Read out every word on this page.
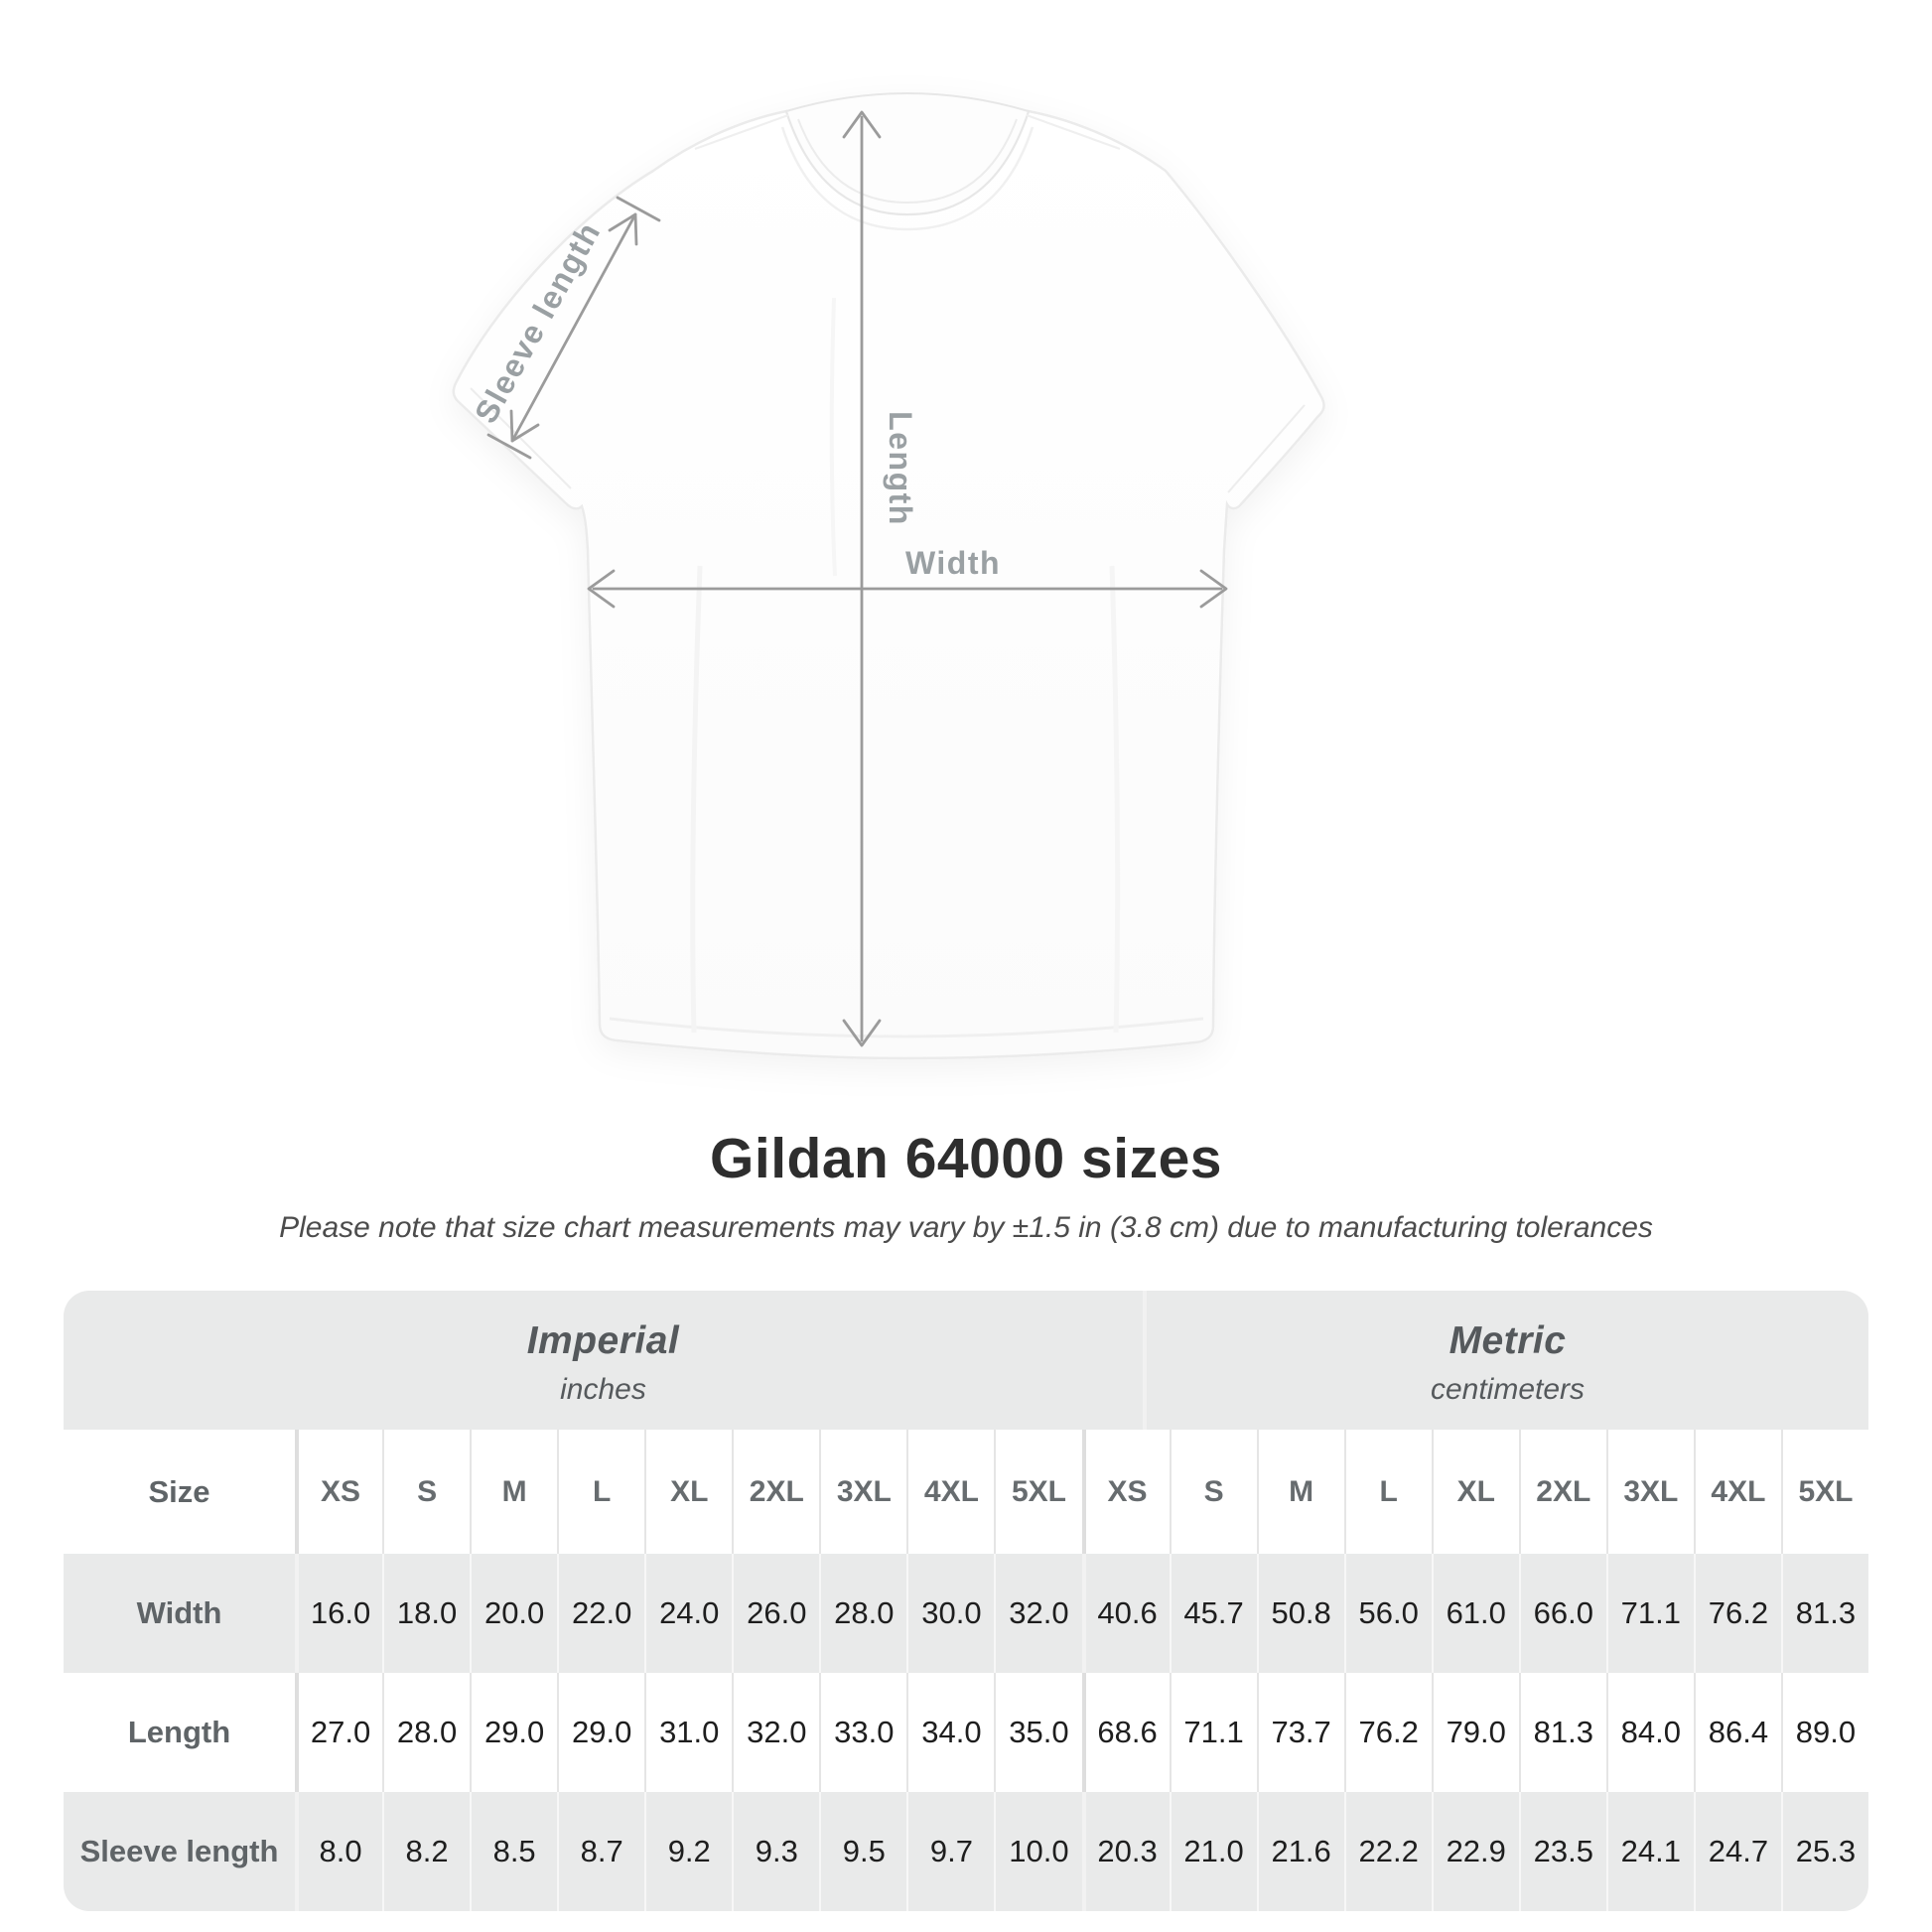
Length
Width
Sleeve length
Gildan 64000 sizes

Please note that size chart measurements may vary by ±1.5 in (3.8 cm) due to manufacturing tolerances

Imperial
inches
Metric
centimeters
Size	XS	S	M	L	XL	2XL	3XL	4XL	5XL	XS	S	M	L	XL	2XL	3XL	4XL	5XL
Width	16.0 18.0 20.0 22.0 24.0 26.0 28.0 30.0 32.0 40.6 45.7 50.8 56.0 61.0 66.0 71.1 76.2 81.3
Length	27.0 28.0 29.0 29.0 31.0 32.0 33.0 34.0 35.0 68.6 71.1 73.7 76.2 79.0 81.3 84.0 86.4 89.0
Sleeve length	8.0	8.2	8.5	8.7	9.2	9.3	9.5	9.7	10.0 20.3 21.0 21.6 22.2 22.9 23.5 24.1 24.7 25.3
